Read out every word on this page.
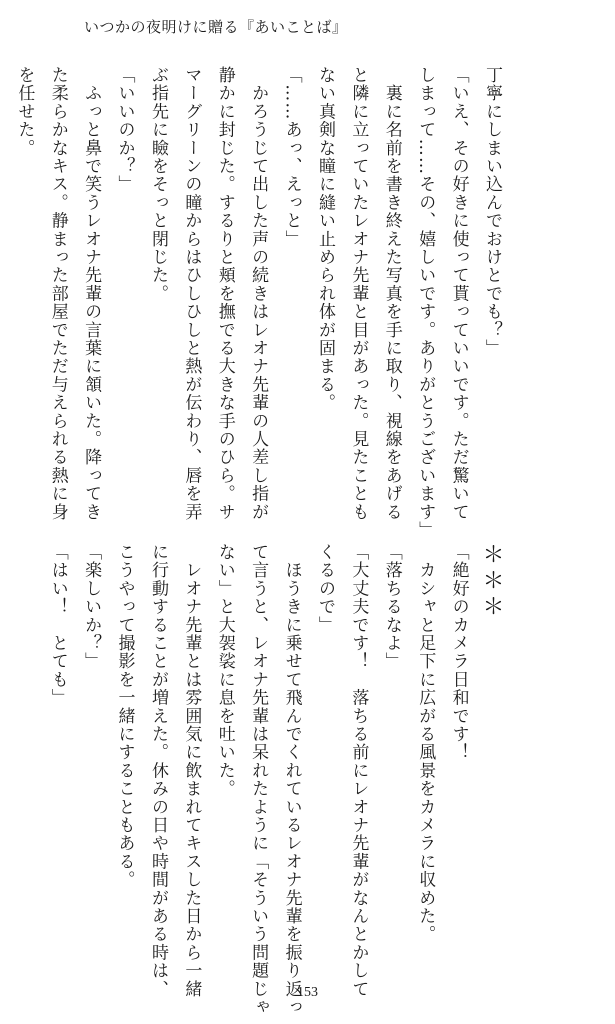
いつかの夜明けに贈る『あいことば』
丁寧にしまい込んでおけとでも？」
「いえ、その好きに使って貰っていいです。ただ驚いて
しまって……その、嬉しいです。ありがとうございます」
　裏に名前を書き終えた写真を手に取り、視線をあげる
と隣に立っていたレオナ先輩と目があった。見たことも
ない真剣な瞳に縫い止められ体が固まる。
「……あっ、えっと」
　かろうじて出した声の続きはレオナ先輩の人差し指が
静かに封じた。するりと頬を撫でる大きな手のひら。サ
マーグリーンの瞳からはひしひしと熱が伝わり、唇を弄
ぶ指先に瞼をそっと閉じた。
「いいのか？」
　ふっと鼻で笑うレオナ先輩の言葉に頷いた。降ってき
た柔らかなキス。静まった部屋でただ与えられる熱に身
を任せた。
＊＊＊
「絶好のカメラ日和です！
　カシャと足下に広がる風景をカメラに収めた。
「落ちるなよ」
「大丈夫です！　落ちる前にレオナ先輩がなんとかして
くるので」
　ほうきに乗せて飛んでくれているレオナ先輩を振り返っ
て言うと、レオナ先輩は呆れたように「そういう問題じゃ
ない」と大袈裟に息を吐いた。
　レオナ先輩とは雰囲気に飲まれてキスした日から一緒
に行動することが増えた。休みの日や時間がある時は、
こうやって撮影を一緒にすることもある。
「楽しいか？」
「はい！　とても」
153
